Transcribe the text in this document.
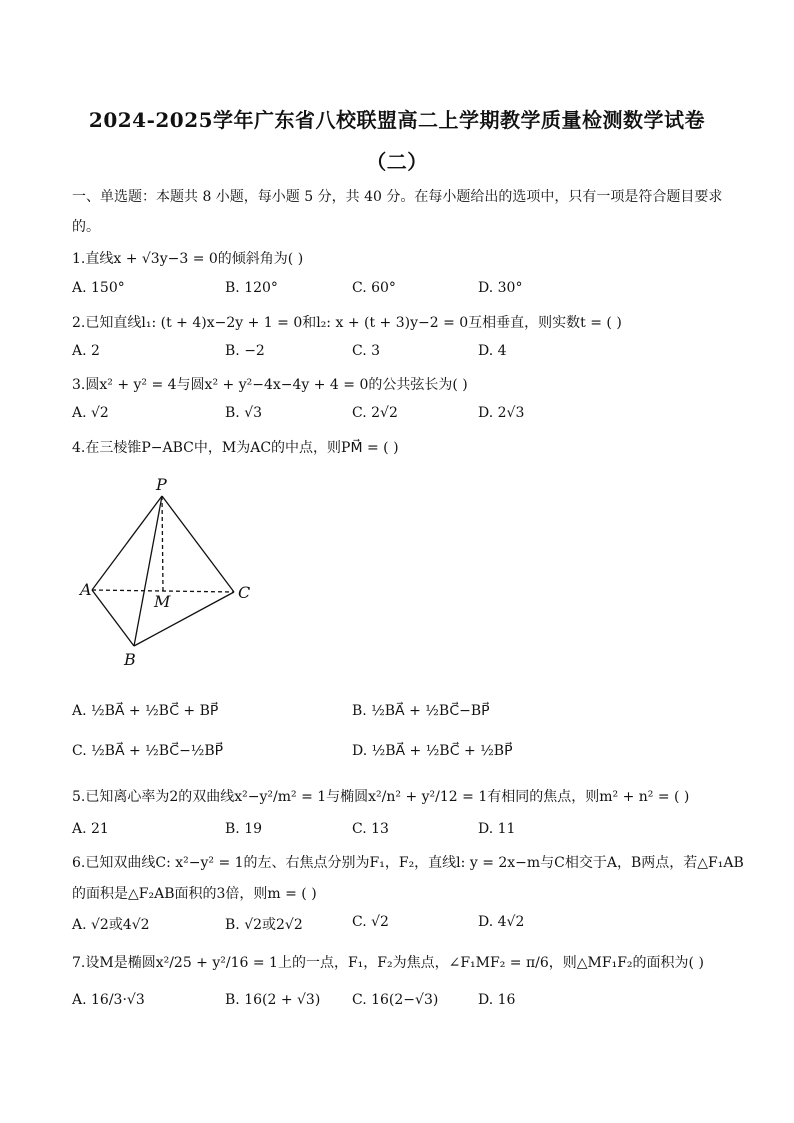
2024-2025学年广东省八校联盟高二上学期教学质量检测数学试卷
（二）
一、单选题：本题共 8 小题，每小题 5 分，共 40 分。在每小题给出的选项中，只有一项是符合题目要求
的。
1.直线x + √3y−3 = 0的倾斜角为( )
A. 150°	B. 120°	C. 60°	D. 30°
2.已知直线l₁: (t + 4)x−2y + 1 = 0和l₂: x + (t + 3)y−2 = 0互相垂直，则实数t = ( )
A. 2	B. −2	C. 3	D. 4
3.圆x² + y² = 4与圆x² + y²−4x−4y + 4 = 0的公共弦长为( )
A. √2	B. √3	C. 2√2	D. 2√3
4.在三棱锥P−ABC中，M为AC的中点，则PM⃗ = ( )
P
A
B
C
M
A. ½BA⃗ + ½BC⃗ + BP⃗	B. ½BA⃗ + ½BC⃗−BP⃗
C. ½BA⃗ + ½BC⃗−½BP⃗	D. ½BA⃗ + ½BC⃗ + ½BP⃗
5.已知离心率为2的双曲线x²−y²/m² = 1与椭圆x²/n² + y²/12 = 1有相同的焦点，则m² + n² = ( )
A. 21	B. 19	C. 13	D. 11
6.已知双曲线C: x²−y² = 1的左、右焦点分别为F₁，F₂，直线l: y = 2x−m与C相交于A，B两点，若△F₁AB
的面积是△F₂AB面积的3倍，则m = ( )
A. √2或4√2	B. √2或2√2	C. √2	D. 4√2
7.设M是椭圆x²/25 + y²/16 = 1上的一点，F₁，F₂为焦点，∠F₁MF₂ = π/6，则△MF₁F₂的面积为( )
A. 16/3·√3	B. 16(2 + √3) C. 16(2−√3)	D. 16
